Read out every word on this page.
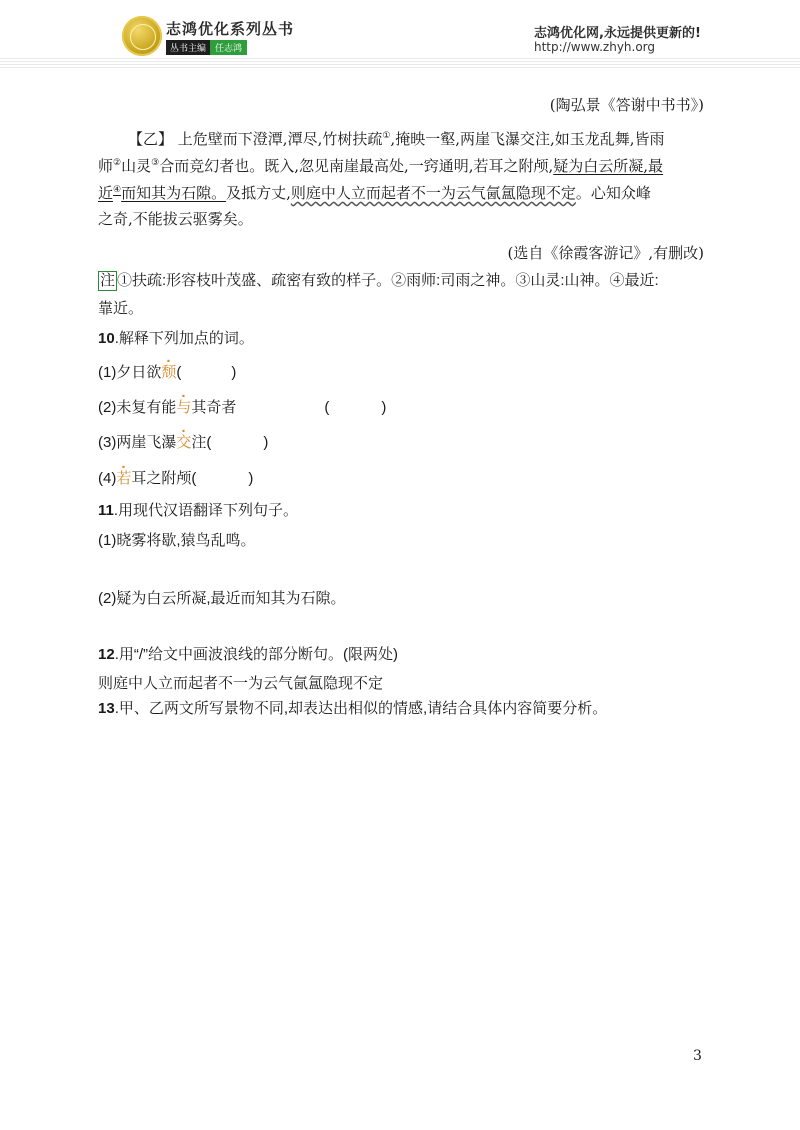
志鸿优化系列丛书
丛书主编	任志鸿
志鸿优化网,永远提供更新的!
http://www.zhyh.org
(陶弘景《答谢中书书》)
【乙】 上危壁而下澄潭,潭尽,竹树扶疏①,掩映一壑,两崖飞瀑交注,如玉龙乱舞,皆雨
师②山灵③合而竞幻者也。既入,忽见南崖最高处,一窍通明,若耳之附颅,疑为白云所凝,最
近④而知其为石隙。及抵方丈,则庭中人立而起者不一为云气氤氲隐现不定。心知众峰
之奇,不能拔云驱雾矣。
(选自《徐霞客游记》,有删改)
注 ①扶疏:形容枝叶茂盛、疏密有致的样子。②雨师:司雨之神。③山灵:山神。④最近:
靠近。
10.解释下列加点的词。
(1)夕日欲颓(	)
(2)未复有能与其奇者	(	)
(3)两崖飞瀑交注(	)
(4)若耳之附颅(	)
11.用现代汉语翻译下列句子。
(1)晓雾将歇,猿鸟乱鸣。
(2)疑为白云所凝,最近而知其为石隙。
12.用“/”给文中画波浪线的部分断句。(限两处)
则庭中人立而起者不一为云气氤氲隐现不定
13.甲、乙两文所写景物不同,却表达出相似的情感,请结合具体内容简要分析。
3
